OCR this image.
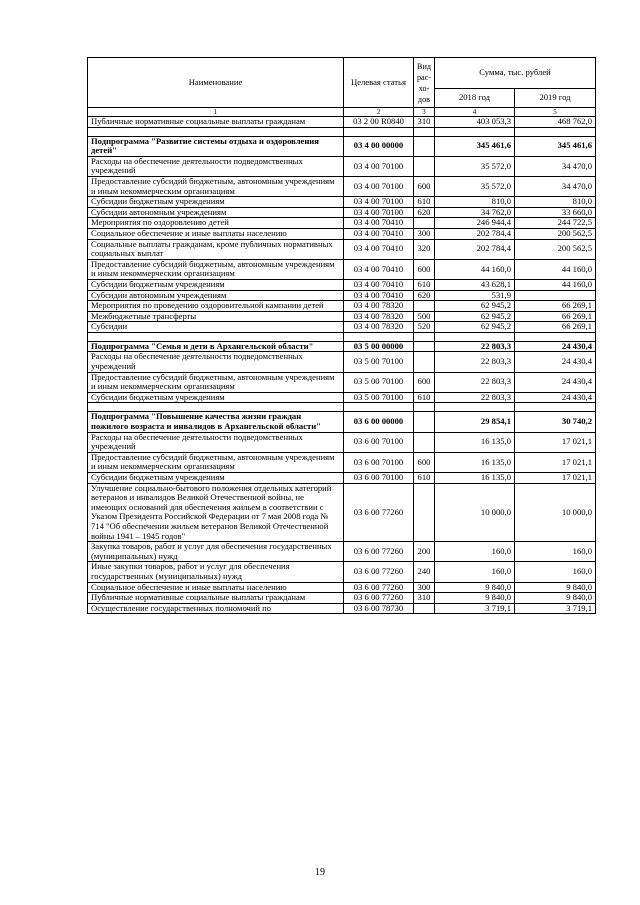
Наименование	Целевая статья	Вид рас-хо-дов	Сумма, тыс. рублей	
			2018 год	2019 год
1	2	3	4	5
Публичные нормативные социальные выплаты гражданам	03 2 00 R0840	310	403 053,3	468 762,0

Подпрограмма "Развитие системы отдыха и оздоровления детей"	03 4 00 00000		345 461,6	345 461,6
Расходы на обеспечение деятельности подведомственных учреждений	03 4 00 70100		35 572,0	34 470,0
Предоставление субсидий бюджетным, автономным учреждениям и иным некоммерческим организациям	03 4 00 70100	600	35 572,0	34 470,0
Субсидии бюджетным учреждениям	03 4 00 70100	610	810,0	810,0
Субсидии автономным учреждениям	03 4 00 70100	620	34 762,0	33 660,0
Мероприятия по оздоровлению детей	03 4 00 70410		246 944,4	244 722,5
Социальное обеспечение и иные выплаты населению	03 4 00 70410	300	202 784,4	200 562,5
Социальные выплаты гражданам, кроме публичных нормативных социальных выплат	03 4 00 70410	320	202 784,4	200 562,5
Предоставление субсидий бюджетным, автономным учреждениям и иным некоммерческим организациям	03 4 00 70410	600	44 160,0	44 160,0
Субсидии бюджетным учреждениям	03 4 00 70410	610	43 628,1	44 160,0
Субсидии автономным учреждениям	03 4 00 70410	620	531,9	
Мероприятия по проведению оздоровительной кампании детей	03 4 00 78320		62 945,2	66 269,1
Межбюджетные трансферты	03 4 00 78320	500	62 945,2	66 269,1
Субсидии	03 4 00 78320	520	62 945,2	66 269,1

Подпрограмма "Семья и дети в Архангельской области"	03 5 00 00000		22 803,3	24 430,4
Расходы на обеспечение деятельности подведомственных учреждений	03 5 00 70100		22 803,3	24 430,4
Предоставление субсидий бюджетным, автономным учреждениям и иным некоммерческим организациям	03 5 00 70100	600	22 803,3	24 430,4
Субсидии бюджетным учреждениям	03 5 00 70100	610	22 803,3	24 430,4

Подпрограмма "Повышение качества жизни граждан пожилого возраста и инвалидов в Архангельской области"	03 6 00 00000		29 854,1	30 740,2
Расходы на обеспечение деятельности подведомственных учреждений	03 6 00 70100		16 135,0	17 021,1
Предоставление субсидий бюджетным, автономным учреждениям и иным некоммерческим организациям	03 6 00 70100	600	16 135,0	17 021,1
Субсидии бюджетным учреждениям	03 6 00 70100	610	16 135,0	17 021,1
Улучшение социально-бытового положения отдельных категорий ветеранов и инвалидов Великой Отечественной войны, не имеющих оснований для обеспечения жильем в соответствии с Указом Президента Российской Федерации от 7 мая 2008 года № 714 "Об обеспечении жильем ветеранов Великой Отечественной войны 1941 – 1945 годов"	03 6 00 77260		10 000,0	10 000,0
Закупка товаров, работ и услуг для обеспечения государственных (муниципальных) нужд	03 6 00 77260	200	160,0	160,0
Иные закупки товаров, работ и услуг для обеспечения государственных (муниципальных) нужд	03 6 00 77260	240	160,0	160,0
Социальное обеспечение и иные выплаты населению	03 6 00 77260	300	9 840,0	9 840,0
Публичные нормативные социальные выплаты гражданам	03 6 00 77260	310	9 840,0	9 840,0
Осуществление государственных полномочий по	03 6 00 78730		3 719,1	3 719,1
19
